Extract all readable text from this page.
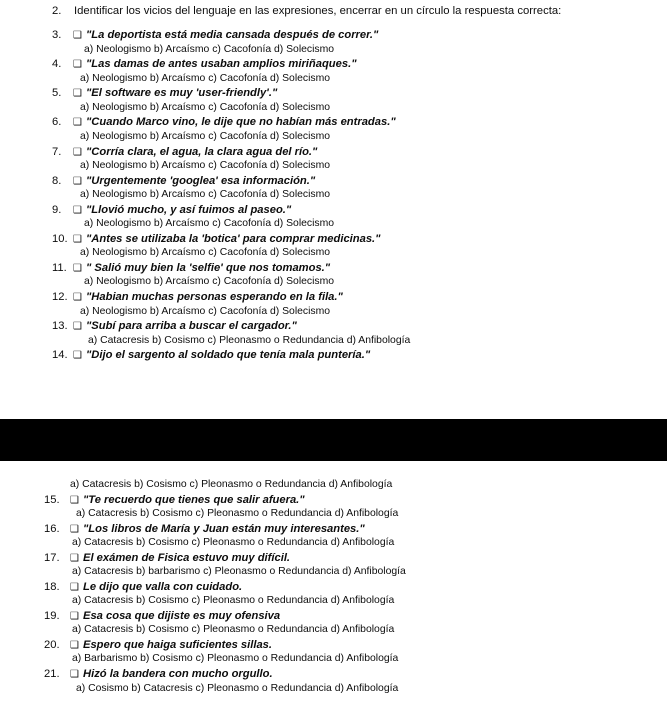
2.	Identificar los vicios del lenguaje en las expresiones, encerrar en un círculo la respuesta correcta:
3.	❑ "La deportista está media cansada después de correr."
a) Neologismo b) Arcaísmo c) Cacofonía d) Solecismo
4.	❑ "Las damas de antes usaban amplios miriñaques."
a) Neologismo b) Arcaísmo c) Cacofonía d) Solecismo
5.	❑ "El software es muy 'user-friendly'."
a) Neologismo b) Arcaísmo c) Cacofonía d) Solecismo
6.	❑ "Cuando Marco vino, le dije que no habían más entradas."
a) Neologismo b) Arcaísmo c) Cacofonía d) Solecismo
7.	❑ "Corría clara, el agua, la clara agua del río."
a) Neologismo b) Arcaísmo c) Cacofonía d) Solecismo
8.	❑ "Urgentemente 'googlea' esa información."
a) Neologismo b) Arcaísmo c) Cacofonía d) Solecismo
9.	❑ "Llovió mucho, y así fuimos al paseo."
a) Neologismo b) Arcaísmo c) Cacofonía d) Solecismo
10. ❑ "Antes se utilizaba la 'botica' para comprar medicinas."
a) Neologismo b) Arcaísmo c) Cacofonía d) Solecismo
11. ❑ " Salió muy bien la 'selfie' que nos tomamos."
a) Neologismo b) Arcaísmo c) Cacofonía d) Solecismo
12. ❑ "Habian muchas personas esperando en la fila."
a) Neologismo b) Arcaísmo c) Cacofonía d) Solecismo
13. ❑ "Subí para arriba a buscar el cargador."
a) Catacresis b) Cosismo c) Pleonasmo o Redundancia d) Anfibología
14. ❑ "Dijo el sargento al soldado que tenía mala puntería."
a) Catacresis b) Cosismo c) Pleonasmo o Redundancia d) Anfibología
15.	❑ "Te recuerdo que tienes que salir afuera."
a) Catacresis b) Cosismo c) Pleonasmo o Redundancia d) Anfibología
16.	❑ "Los libros de María y Juan están muy interesantes."
a) Catacresis b) Cosismo c) Pleonasmo o Redundancia d) Anfibología
17.	❑ El exámen de Fisica estuvo muy difícil.
a) Catacresis b) barbarismo c) Pleonasmo o Redundancia d) Anfibología
18.	❑ Le dijo que valla con cuidado.
a) Catacresis b) Cosismo c) Pleonasmo o Redundancia d) Anfibología
19.	❑ Esa cosa que dijiste es muy ofensiva
a) Catacresis b) Cosismo c) Pleonasmo o Redundancia d) Anfibología
20.	❑ Espero que haiga suficientes sillas.
a) Barbarismo b) Cosismo c) Pleonasmo o Redundancia d) Anfibología
21.	❑ Hizó la bandera con mucho orgullo.
a) Cosismo b) Catacresis c) Pleonasmo o Redundancia d) Anfibología
